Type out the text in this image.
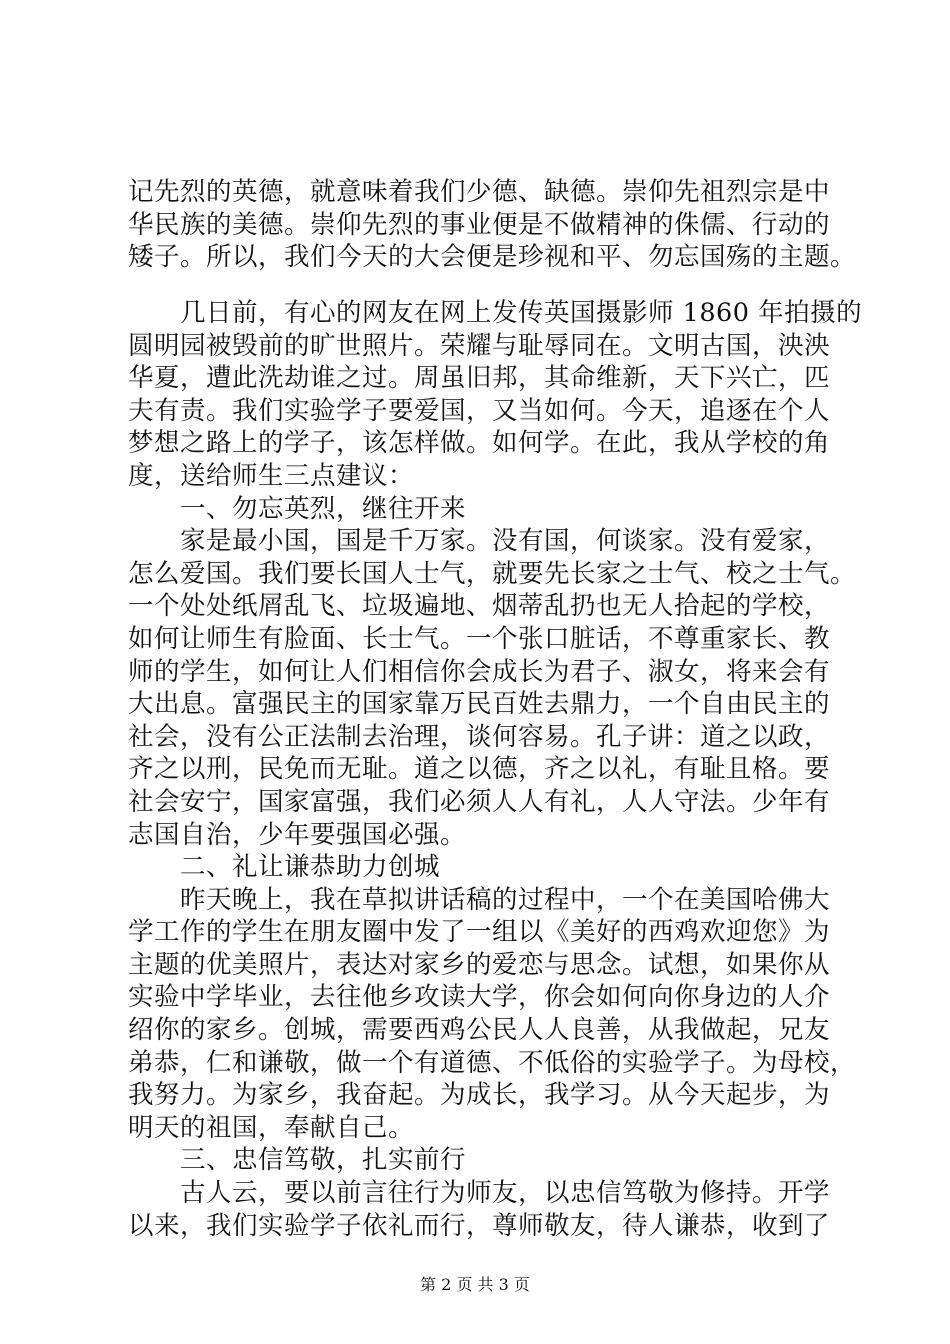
记先烈的英德，就意味着我们少德、缺德。崇仰先祖烈宗是中
华民族的美德。崇仰先烈的事业便是不做精神的侏儒、行动的
矮子。所以，我们今天的大会便是珍视和平、勿忘国殇的主题。
几日前，有心的网友在网上发传英国摄影师 1860 年拍摄的
圆明园被毁前的旷世照片。荣耀与耻辱同在。文明古国，泱泱
华夏，遭此洗劫谁之过。周虽旧邦，其命维新，天下兴亡，匹
夫有责。我们实验学子要爱国，又当如何。今天，追逐在个人
梦想之路上的学子，该怎样做。如何学。在此，我从学校的角
度，送给师生三点建议：
一、勿忘英烈，继往开来
家是最小国，国是千万家。没有国，何谈家。没有爱家，
怎么爱国。我们要长国人士气，就要先长家之士气、校之士气。
一个处处纸屑乱飞、垃圾遍地、烟蒂乱扔也无人拾起的学校，
如何让师生有脸面、长士气。一个张口脏话，不尊重家长、教
师的学生，如何让人们相信你会成长为君子、淑女，将来会有
大出息。富强民主的国家靠万民百姓去鼎力，一个自由民主的
社会，没有公正法制去治理，谈何容易。孔子讲：道之以政，
齐之以刑，民免而无耻。道之以德，齐之以礼，有耻且格。要
社会安宁，国家富强，我们必须人人有礼，人人守法。少年有
志国自治，少年要强国必强。
二、礼让谦恭助力创城
昨天晚上，我在草拟讲话稿的过程中，一个在美国哈佛大
学工作的学生在朋友圈中发了一组以《美好的西鸡欢迎您》为
主题的优美照片，表达对家乡的爱恋与思念。试想，如果你从
实验中学毕业，去往他乡攻读大学，你会如何向你身边的人介
绍你的家乡。创城，需要西鸡公民人人良善，从我做起，兄友
弟恭，仁和谦敬，做一个有道德、不低俗的实验学子。为母校，
我努力。为家乡，我奋起。为成长，我学习。从今天起步，为
明天的祖国，奉献自己。
三、忠信笃敬，扎实前行
古人云，要以前言往行为师友，以忠信笃敬为修持。开学
以来，我们实验学子依礼而行，尊师敬友，待人谦恭，收到了
第 2 页 共 3 页
